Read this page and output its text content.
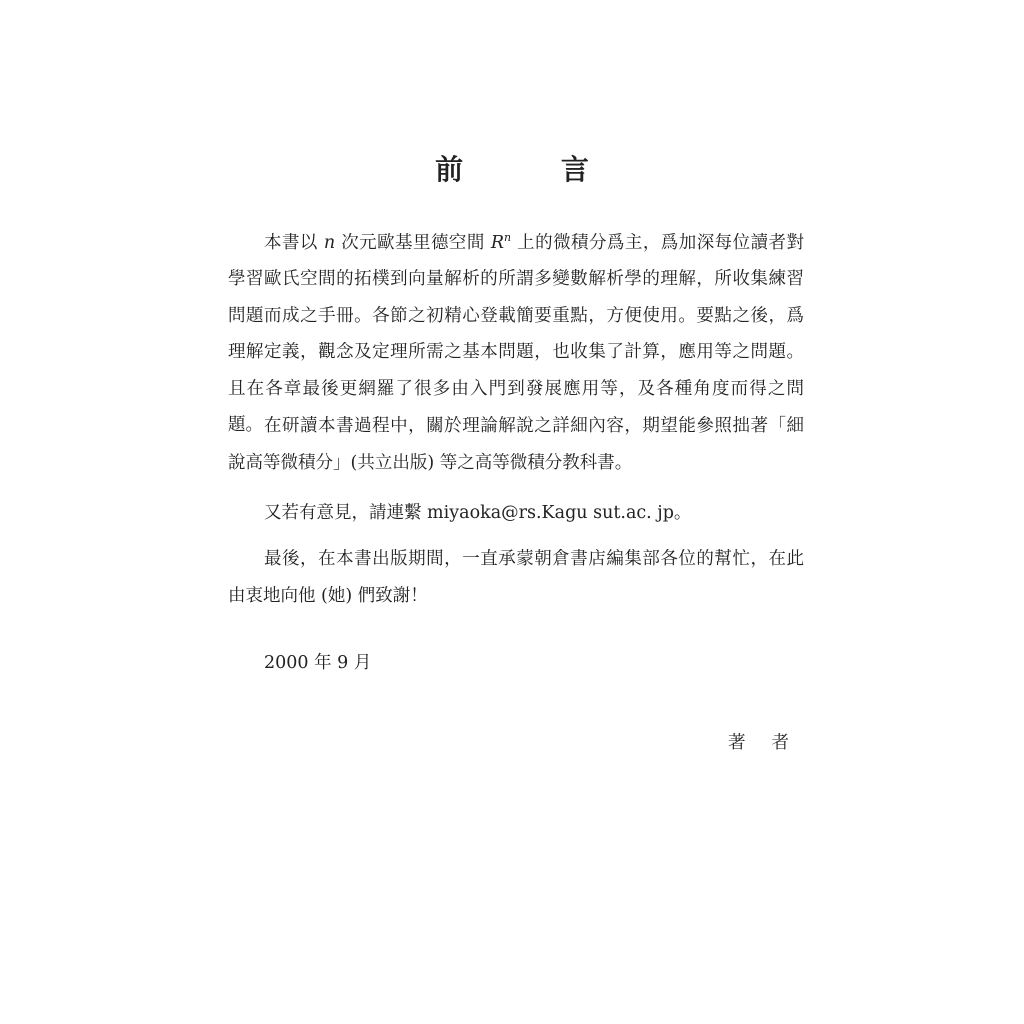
前 言

本書以 n 次元歐基里德空間 $R^n$ 上的微積分爲主，爲加深每位讀者對學習歐氏空間的拓樸到向量解析的所謂多變數解析學的理解，所收集練習問題而成之手冊。各節之初精心登載簡要重點，方便使用。要點之後，爲理解定義，觀念及定理所需之基本問題，也收集了計算，應用等之問題。且在各章最後更網羅了很多由入門到發展應用等，及各種角度而得之問題。 在研讀本書過程中，關於理論解說之詳細內容，期望能參照拙著「細說高等微積分」(共立出版) 等之高等微積分教科書。

又若有意見，請連繫 miyaoka@rs.Kagu sut.ac. jp。

最後，在本書出版期間，一直承蒙朝倉書店編集部各位的幫忙，在此由衷地向他 (她) 們致謝！

2000 年 9 月
著者
